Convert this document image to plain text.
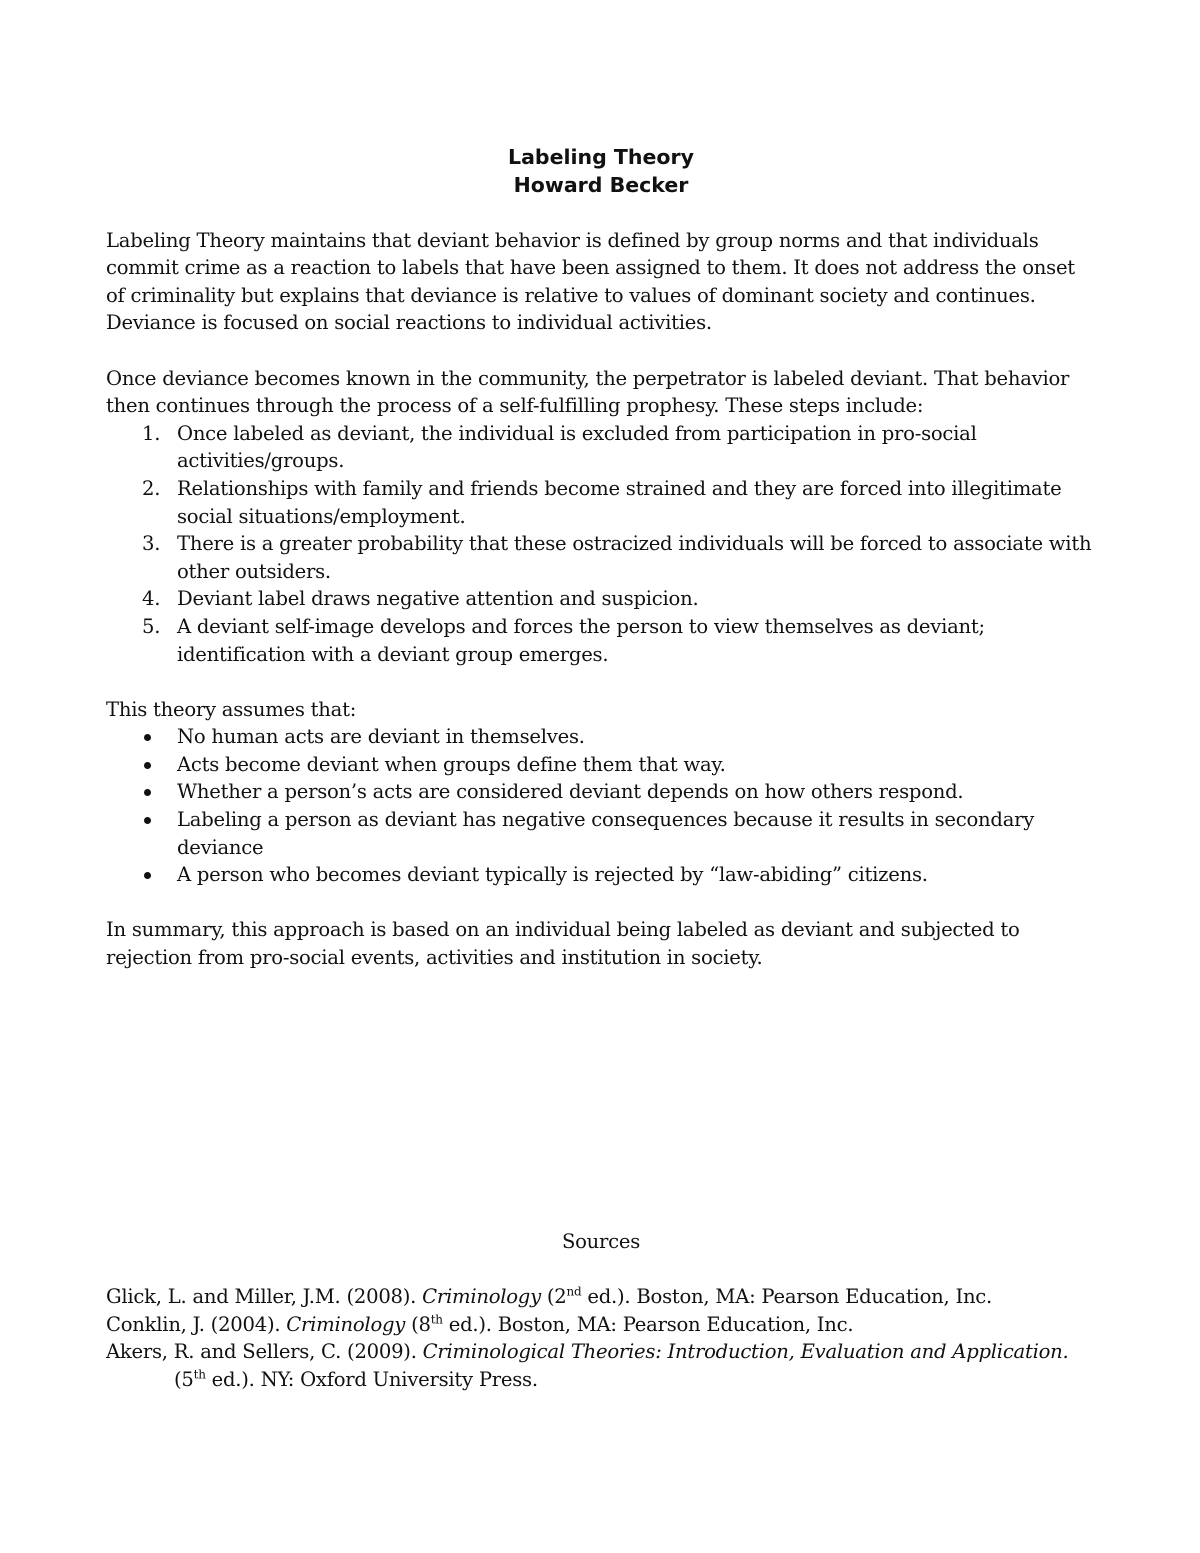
Labeling Theory
Howard Becker

Labeling Theory maintains that deviant behavior is defined by group norms and that individuals commit crime as a reaction to labels that have been assigned to them. It does not address the onset of criminality but explains that deviance is relative to values of dominant society and continues. Deviance is focused on social reactions to individual activities.

Once deviance becomes known in the community, the perpetrator is labeled deviant. That behavior then continues through the process of a self-fulfilling prophesy. These steps include:

1. Once labeled as deviant, the individual is excluded from participation in pro-social activities/groups.
2. Relationships with family and friends become strained and they are forced into illegitimate social situations/employment.
3. There is a greater probability that these ostracized individuals will be forced to associate with other outsiders.
4. Deviant label draws negative attention and suspicion.
5. A deviant self-image develops and forces the person to view themselves as deviant; identification with a deviant group emerges.

This theory assumes that:

No human acts are deviant in themselves.
Acts become deviant when groups define them that way.
Whether a person’s acts are considered deviant depends on how others respond.
Labeling a person as deviant has negative consequences because it results in secondary deviance
A person who becomes deviant typically is rejected by “law-abiding” citizens.

In summary, this approach is based on an individual being labeled as deviant and subjected to rejection from pro-social events, activities and institution in society.

Sources
Glick, L. and Miller, J.M. (2008). Criminology (2nd ed.). Boston, MA: Pearson Education, Inc.
Conklin, J. (2004). Criminology (8th ed.). Boston, MA: Pearson Education, Inc.
Akers, R. and Sellers, C. (2009). Criminological Theories: Introduction, Evaluation and Application.
(5th ed.). NY: Oxford University Press.
